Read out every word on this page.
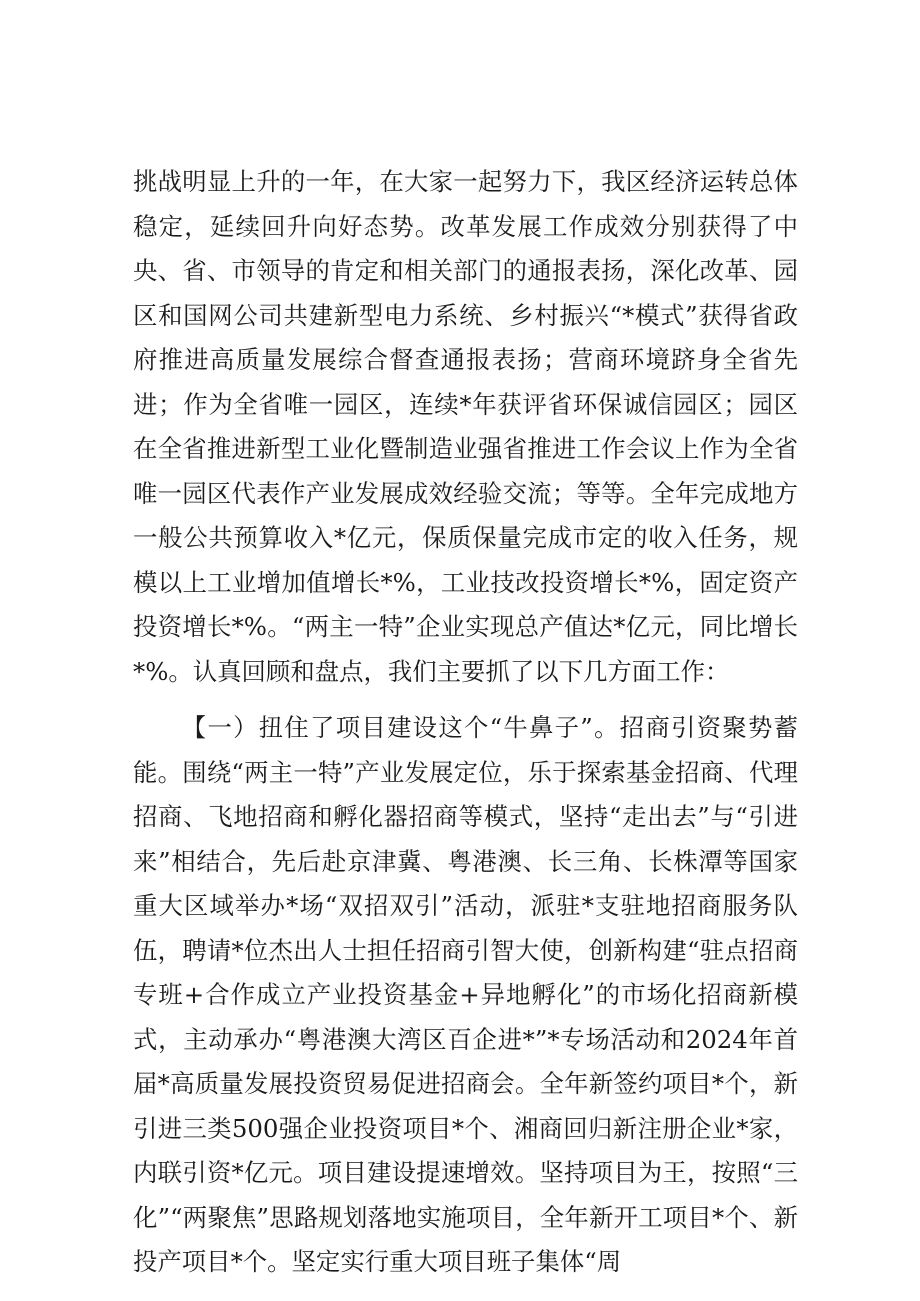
挑战明显上升的一年，在大家一起努力下，我区经济运转总体稳定，延续回升向好态势。改革发展工作成效分别获得了中央、省、市领导的肯定和相关部门的通报表扬，深化改革、园区和国网公司共建新型电力系统、乡村振兴“*模式”获得省政府推进高质量发展综合督查通报表扬；营商环境跻身全省先进；作为全省唯一园区，连续*年获评省环保诚信园区；园区在全省推进新型工业化暨制造业强省推进工作会议上作为全省唯一园区代表作产业发展成效经验交流；等等。全年完成地方一般公共预算收入*亿元，保质保量完成市定的收入任务，规模以上工业增加值增长*%，工业技改投资增长*%，固定资产投资增长*%。“两主一特”企业实现总产值达*亿元，同比增长*%。认真回顾和盘点，我们主要抓了以下几方面工作：

【一）扭住了项目建设这个“牛鼻子”。招商引资聚势蓄能。围绕“两主一特”产业发展定位，乐于探索基金招商、代理招商、飞地招商和孵化器招商等模式，坚持“走出去”与“引进来”相结合，先后赴京津冀、粤港澳、长三角、长株潭等国家重大区域举办*场“双招双引”活动，派驻*支驻地招商服务队伍，聘请*位杰出人士担任招商引智大使，创新构建“驻点招商专班+合作成立产业投资基金+异地孵化”的市场化招商新模式，主动承办“粤港澳大湾区百企进*”*专场活动和2024年首届*高质量发展投资贸易促进招商会。全年新签约项目*个，新引进三类500强企业投资项目*个、湘商回归新注册企业*家，内联引资*亿元。项目建设提速增效。坚持项目为王，按照“三化”“两聚焦”思路规划落地实施项目，全年新开工项目*个、新投产项目*个。坚定实行重大项目班子集体“周
